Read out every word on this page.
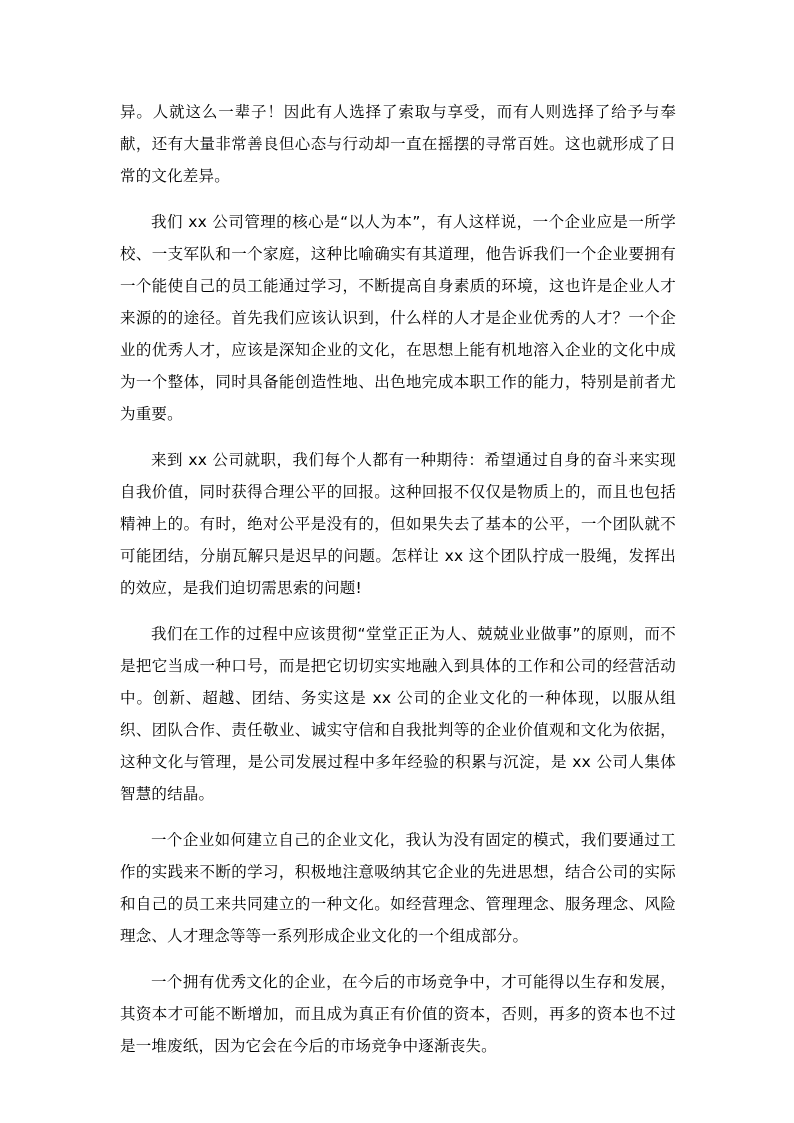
异。人就这么一辈子！因此有人选择了索取与享受，而有人则选择了给予与奉献，还有大量非常善良但心态与行动却一直在摇摆的寻常百姓。这也就形成了日常的文化差异。

我们 xx 公司管理的核心是“以人为本”，有人这样说，一个企业应是一所学校、一支军队和一个家庭，这种比喻确实有其道理，他告诉我们一个企业要拥有一个能使自己的员工能通过学习，不断提高自身素质的环境，这也许是企业人才来源的的途径。首先我们应该认识到，什么样的人才是企业优秀的人才？一个企业的优秀人才，应该是深知企业的文化，在思想上能有机地溶入企业的文化中成为一个整体，同时具备能创造性地、出色地完成本职工作的能力，特别是前者尤为重要。

来到 xx 公司就职，我们每个人都有一种期待：希望通过自身的奋斗来实现自我价值，同时获得合理公平的回报。这种回报不仅仅是物质上的，而且也包括精神上的。有时，绝对公平是没有的，但如果失去了基本的公平，一个团队就不可能团结，分崩瓦解只是迟早的问题。怎样让 xx 这个团队拧成一股绳，发挥出的效应，是我们迫切需思索的问题!

我们在工作的过程中应该贯彻“堂堂正正为人、兢兢业业做事”的原则，而不是把它当成一种口号，而是把它切切实实地融入到具体的工作和公司的经营活动中。创新、超越、团结、务实这是 xx 公司的企业文化的一种体现，以服从组织、团队合作、责任敬业、诚实守信和自我批判等的企业价值观和文化为依据，这种文化与管理，是公司发展过程中多年经验的积累与沉淀，是 xx 公司人集体智慧的结晶。

一个企业如何建立自己的企业文化，我认为没有固定的模式，我们要通过工作的实践来不断的学习，积极地注意吸纳其它企业的先进思想，结合公司的实际和自己的员工来共同建立的一种文化。如经营理念、管理理念、服务理念、风险理念、人才理念等等一系列形成企业文化的一个组成部分。

一个拥有优秀文化的企业，在今后的市场竞争中，才可能得以生存和发展，其资本才可能不断增加，而且成为真正有价值的资本，否则，再多的资本也不过是一堆废纸，因为它会在今后的市场竞争中逐渐丧失。
